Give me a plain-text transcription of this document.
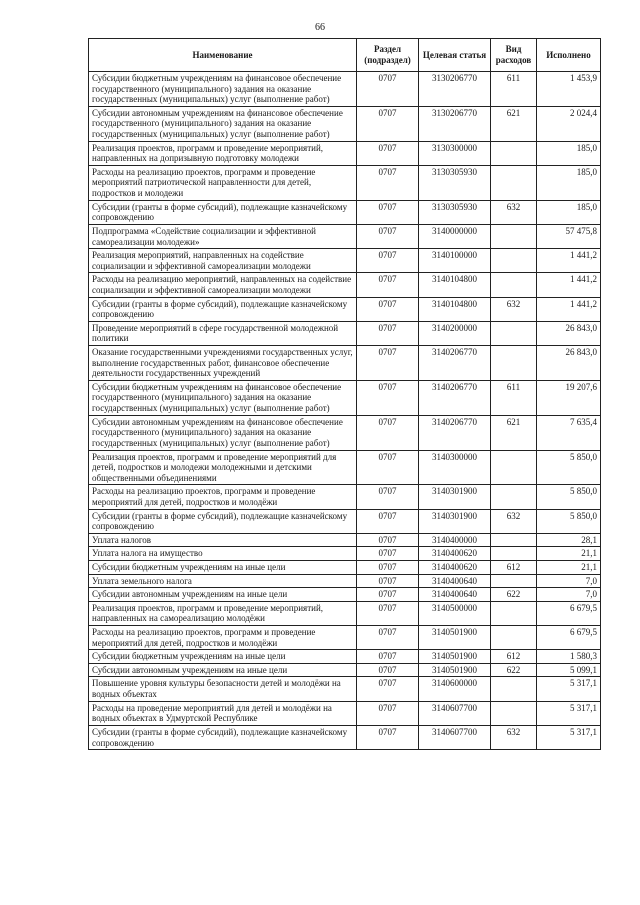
66
Наименование	Раздел (подраздел)	Целевая статья	Вид расходов	Исполнено
Субсидии бюджетным учреждениям на финансовое обеспечение государственного (муниципального) задания на оказание государственных (муниципальных) услуг (выполнение работ)	0707	3130206770	611	1 453,9
Субсидии автономным учреждениям на финансовое обеспечение государственного (муниципального) задания на оказание государственных (муниципальных) услуг (выполнение работ)	0707	3130206770	621	2 024,4
Реализация проектов, программ и проведение мероприятий, направленных на допризывную подготовку молодежи	0707	3130300000		185,0
Расходы на реализацию проектов, программ и проведение мероприятий патриотической направленности для детей, подростков и молодежи	0707	3130305930		185,0
Субсидии (гранты в форме субсидий), подлежащие казначейскому сопровождению	0707	3130305930	632	185,0
Подпрограмма «Содействие социализации и эффективной самореализации молодежи»	0707	3140000000		57 475,8
Реализация мероприятий, направленных на содействие социализации и эффективной самореализации молодежи	0707	3140100000		1 441,2
Расходы на реализацию мероприятий, направленных на содействие социализации и эффективной самореализации молодежи	0707	3140104800		1 441,2
Субсидии (гранты в форме субсидий), подлежащие казначейскому сопровождению	0707	3140104800	632	1 441,2
Проведение мероприятий в сфере государственной молодежной политики	0707	3140200000		26 843,0
Оказание государственными учреждениями государственных услуг, выполнение государственных работ, финансовое обеспечение деятельности государственных учреждений	0707	3140206770		26 843,0
Субсидии бюджетным учреждениям на финансовое обеспечение государственного (муниципального) задания на оказание государственных (муниципальных) услуг (выполнение работ)	0707	3140206770	611	19 207,6
Субсидии автономным учреждениям на финансовое обеспечение государственного (муниципального) задания на оказание государственных (муниципальных) услуг (выполнение работ)	0707	3140206770	621	7 635,4
Реализация проектов, программ и проведение мероприятий для детей, подростков и молодежи молодежными и детскими общественными объединениями	0707	3140300000		5 850,0
Расходы на реализацию проектов, программ и проведение мероприятий для детей, подростков и молодёжи	0707	3140301900		5 850,0
Субсидии (гранты в форме субсидий), подлежащие казначейскому сопровождению	0707	3140301900	632	5 850,0
Уплата налогов	0707	3140400000		28,1
Уплата налога на имущество	0707	3140400620		21,1
Субсидии бюджетным учреждениям на иные цели	0707	3140400620	612	21,1
Уплата земельного налога	0707	3140400640		7,0
Субсидии автономным учреждениям на иные цели	0707	3140400640	622	7,0
Реализация проектов, программ и проведение мероприятий, направленных на самореализацию молодёжи	0707	3140500000		6 679,5
Расходы на реализацию проектов, программ и проведение мероприятий для детей, подростков и молодёжи	0707	3140501900		6 679,5
Субсидии бюджетным учреждениям на иные цели	0707	3140501900	612	1 580,3
Субсидии автономным учреждениям на иные цели	0707	3140501900	622	5 099,1
Повышение уровня культуры безопасности детей и молодёжи на водных объектах	0707	3140600000		5 317,1
Расходы на проведение мероприятий для детей и молодёжи на водных объектах в Удмуртской Республике	0707	3140607700		5 317,1
Субсидии (гранты в форме субсидий), подлежащие казначейскому сопровождению	0707	3140607700	632	5 317,1
